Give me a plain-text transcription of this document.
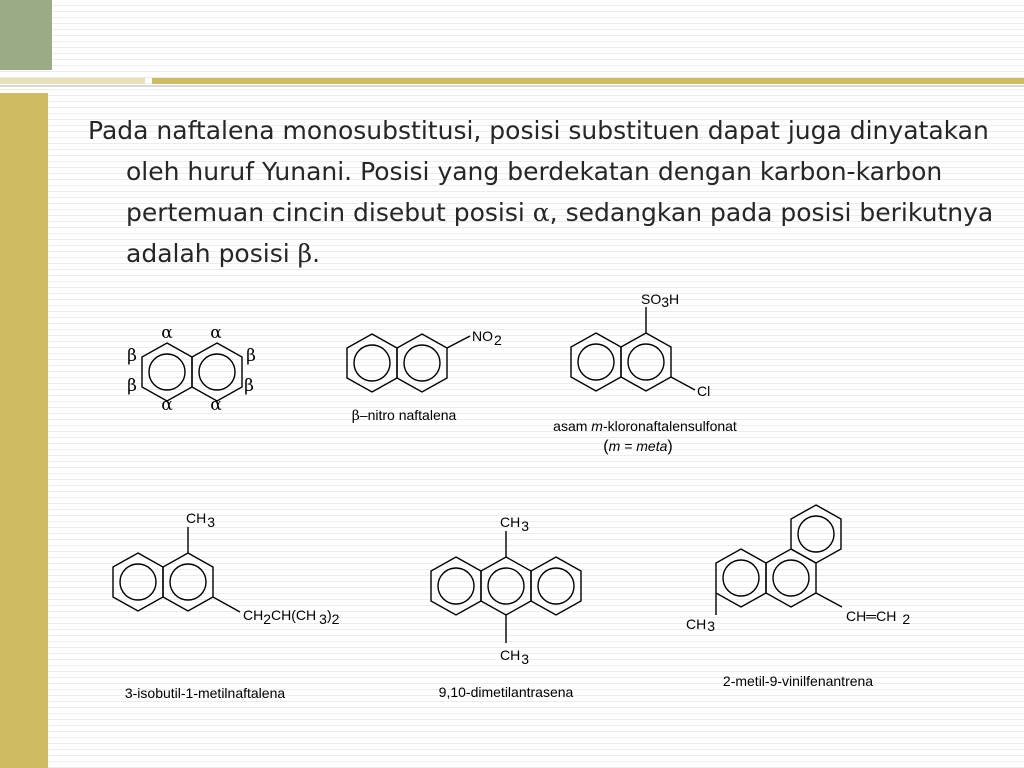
Pada naftalena monosubstitusi, posisi substituen dapat juga dinyatakan oleh huruf Yunani. Posisi yang berdekatan dengan karbon-karbon pertemuan cincin disebut posisi α, sedangkan pada posisi berikutnya adalah posisi β.

α α
α α
β
β
β
β
NO2
β–nitro naftalena
SO3H
Cl
asam m-kloronaftalensulfonat
(m = meta)
CH3
CH2CH(CH 3)2
3-isobutil-1-metilnaftalena
CH3
CH3
9,10-dimetilantrasena
CH3
CH═CH 2
2-metil-9-vinilfenantrena
